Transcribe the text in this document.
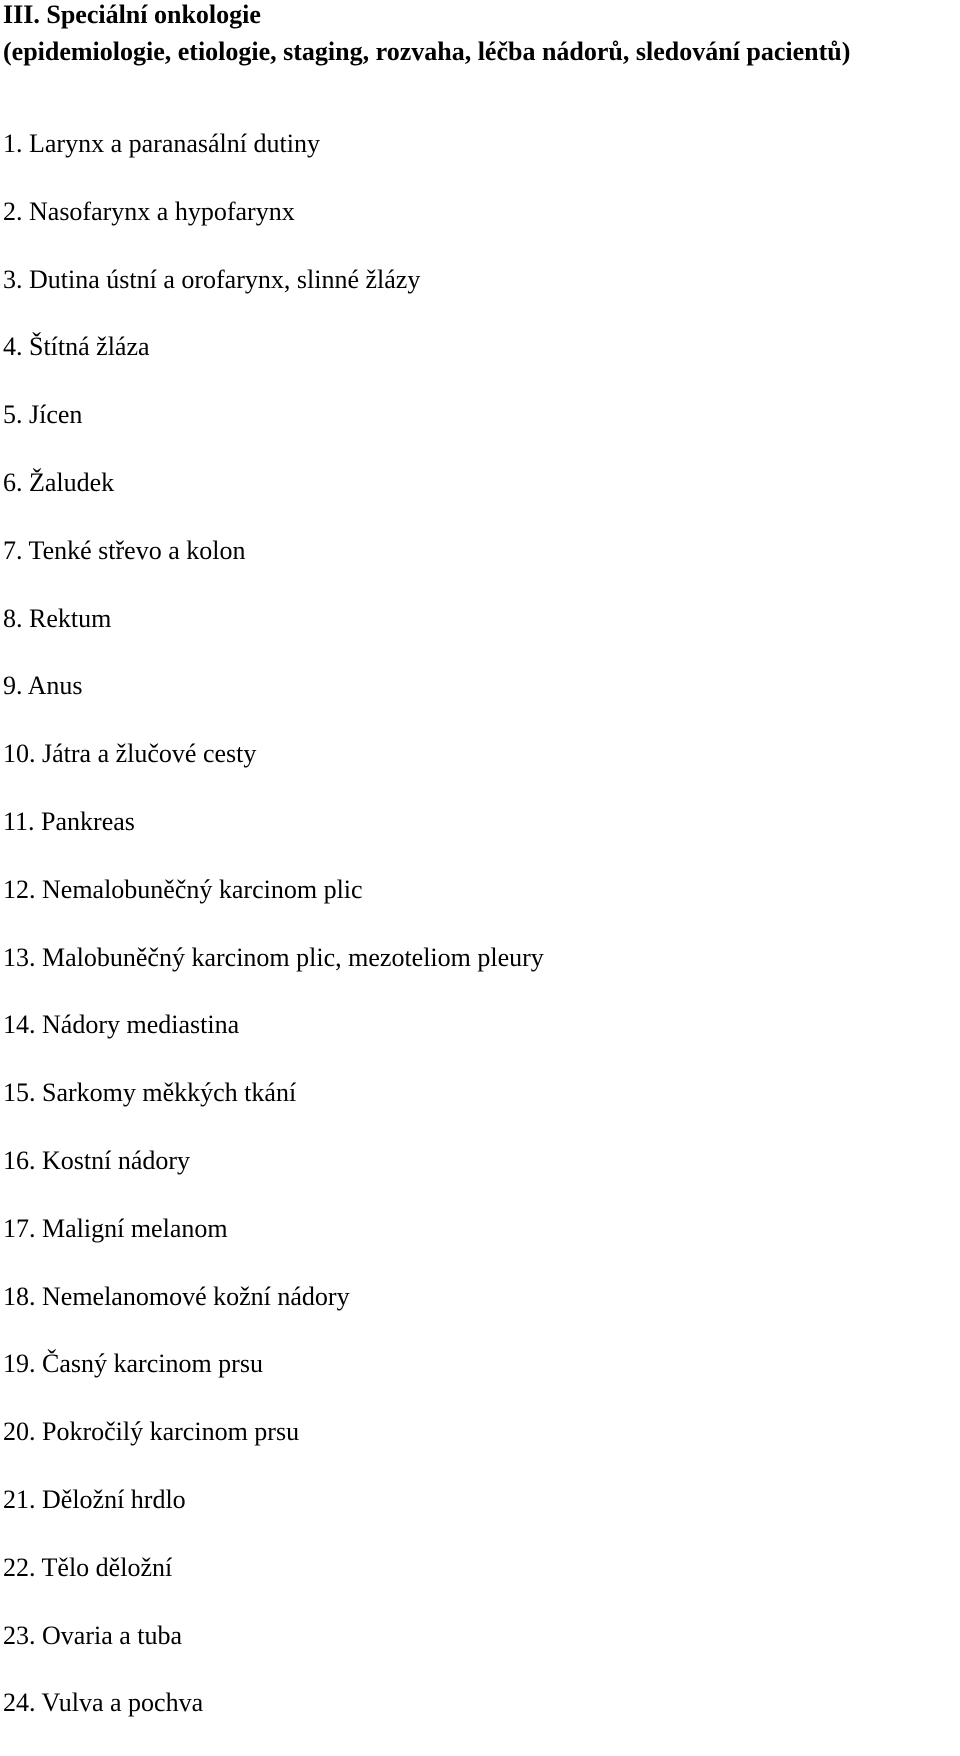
III. Speciální onkologie
(epidemiologie, etiologie, staging, rozvaha, léčba nádorů, sledování pacientů)
1. Larynx a paranasální dutiny
2. Nasofarynx a hypofarynx
3. Dutina ústní a orofarynx, slinné žlázy
4. Štítná žláza
5. Jícen
6. Žaludek
7. Tenké střevo a kolon
8. Rektum
9. Anus
10. Játra a žlučové cesty
11. Pankreas
12. Nemalobuněčný karcinom plic
13. Malobuněčný karcinom plic, mezoteliom pleury
14. Nádory mediastina
15. Sarkomy měkkých tkání
16. Kostní nádory
17. Maligní melanom
18. Nemelanomové kožní nádory
19. Časný karcinom prsu
20. Pokročilý karcinom prsu
21. Děložní hrdlo
22. Tělo děložní
23. Ovaria a tuba
24. Vulva a pochva
